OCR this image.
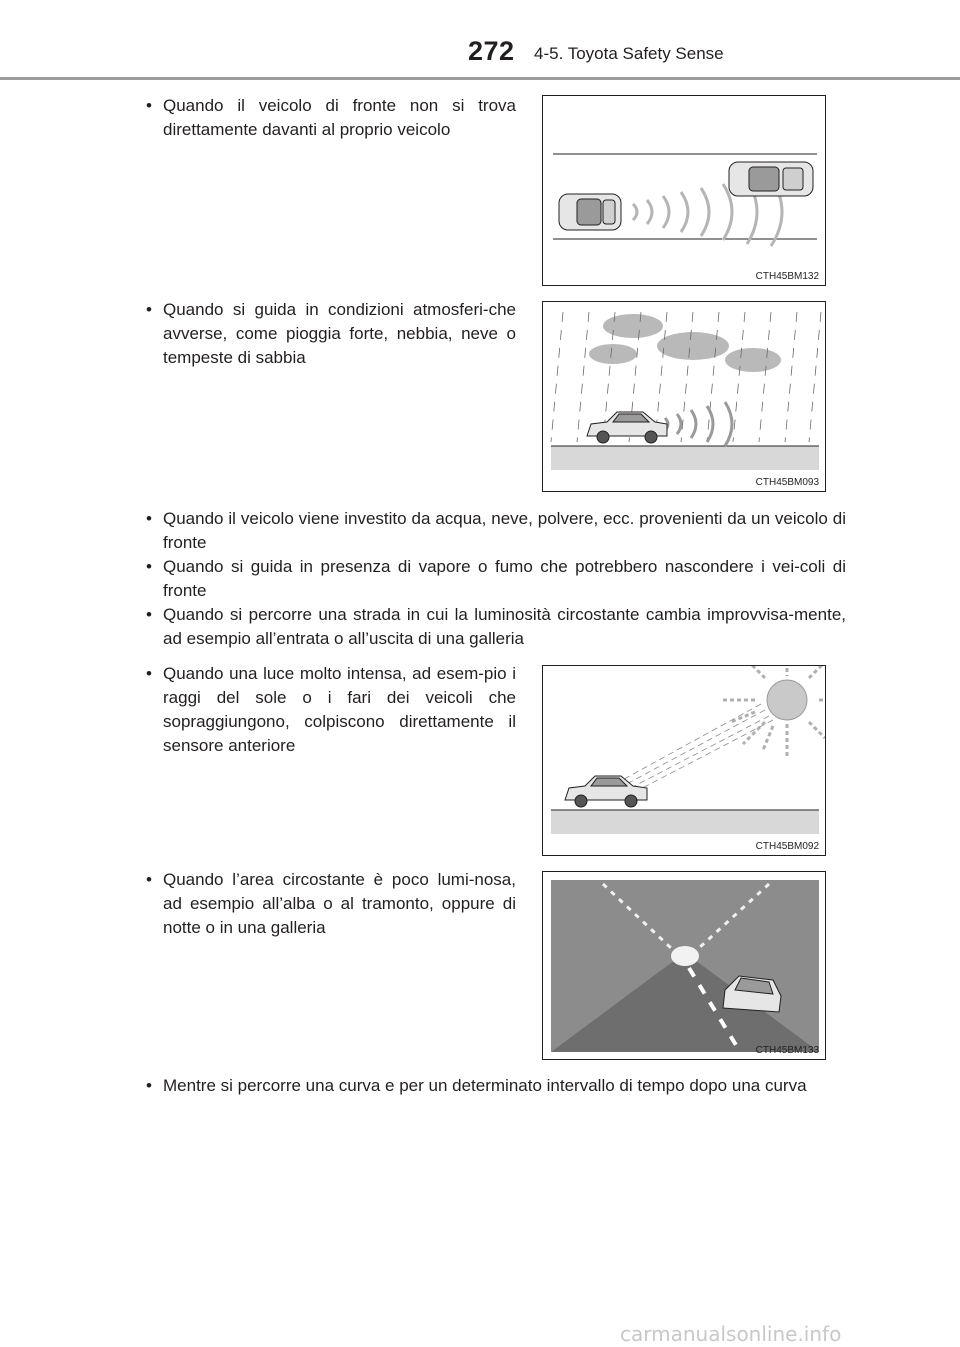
272 4-5. Toyota Safety Sense
• Quando il veicolo di fronte non si trova direttamente davanti al proprio veicolo
CTH45BM132
• Quando si guida in condizioni atmosferi-che avverse, come pioggia forte, nebbia, neve o tempeste di sabbia
CTH45BM093
• Quando il veicolo viene investito da acqua, neve, polvere, ecc. provenienti da un veicolo di fronte
• Quando si guida in presenza di vapore o fumo che potrebbero nascondere i vei-coli di fronte
• Quando si percorre una strada in cui la luminosità circostante cambia improvvisa-mente, ad esempio all’entrata o all’uscita di una galleria
• Quando una luce molto intensa, ad esem-pio i raggi del sole o i fari dei veicoli che sopraggiungono, colpiscono direttamente il sensore anteriore
CTH45BM092
• Quando l’area circostante è poco lumi-nosa, ad esempio all’alba o al tramonto, oppure di notte o in una galleria
CTH45BM133
• Mentre si percorre una curva e per un determinato intervallo di tempo dopo una curva
carmanualsonline.info
